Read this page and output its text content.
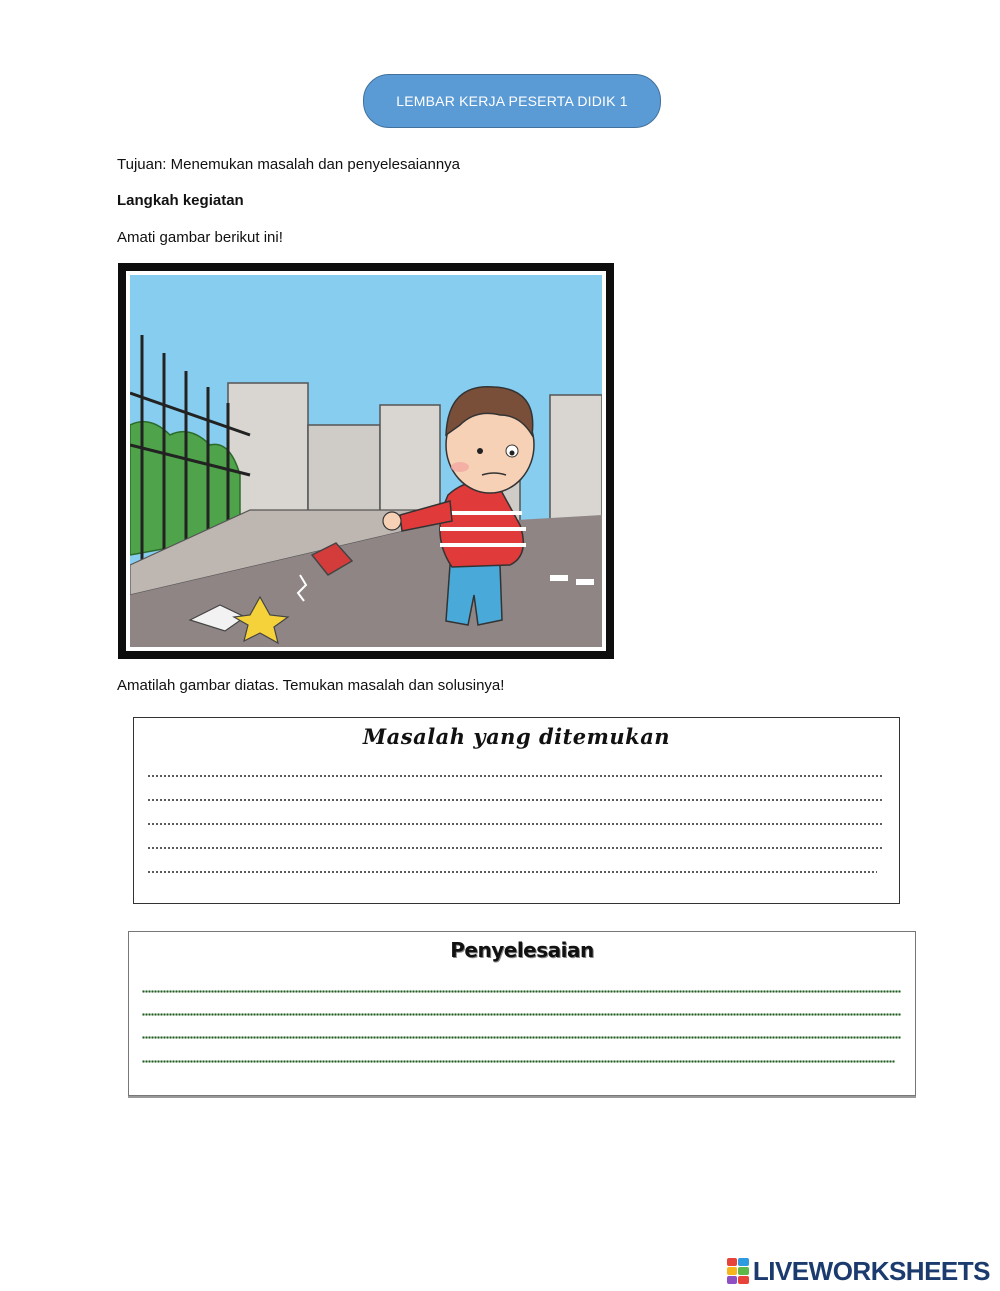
LEMBAR KERJA PESERTA DIDIK 1
Tujuan: Menemukan masalah dan penyelesaiannya
Langkah kegiatan
Amati gambar berikut ini!
Amatilah gambar diatas. Temukan masalah dan solusinya!
Masalah yang ditemukan
Penyelesaian
LIVEWORKSHEETS
